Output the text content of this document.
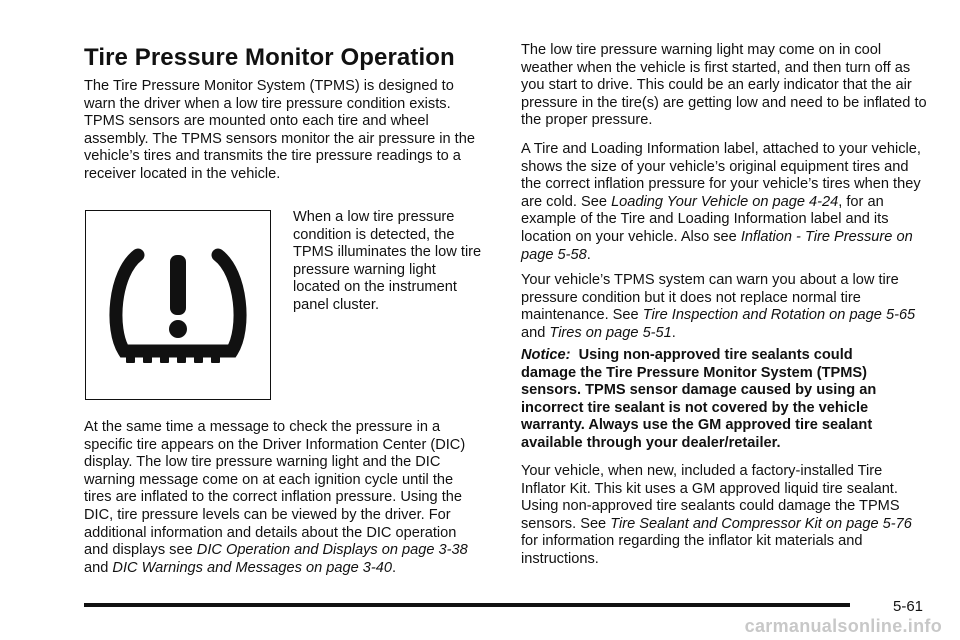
Tire Pressure Monitor Operation

The Tire Pressure Monitor System (TPMS) is designed to warn the driver when a low tire pressure condition exists. TPMS sensors are mounted onto each tire and wheel assembly. The TPMS sensors monitor the air pressure in the vehicle’s tires and transmits the tire pressure readings to a receiver located in the vehicle.

When a low tire pressure condition is detected, the TPMS illuminates the low tire pressure warning light located on the instrument panel cluster.

At the same time a message to check the pressure in a specific tire appears on the Driver Information Center (DIC) display. The low tire pressure warning light and the DIC warning message come on at each ignition cycle until the tires are inflated to the correct inflation pressure. Using the DIC, tire pressure levels can be viewed by the driver. For additional information and details about the DIC operation and displays see DIC Operation and Displays on page 3-38 and DIC Warnings and Messages on page 3-40.

The low tire pressure warning light may come on in cool weather when the vehicle is first started, and then turn off as you start to drive. This could be an early indicator that the air pressure in the tire(s) are getting low and need to be inflated to the proper pressure.

A Tire and Loading Information label, attached to your vehicle, shows the size of your vehicle’s original equipment tires and the correct inflation pressure for your vehicle’s tires when they are cold. See Loading Your Vehicle on page 4-24, for an example of the Tire and Loading Information label and its location on your vehicle. Also see Inflation - Tire Pressure on page 5-58.

Your vehicle’s TPMS system can warn you about a low tire pressure condition but it does not replace normal tire maintenance. See Tire Inspection and Rotation on page 5-65 and Tires on page 5-51.

Notice: Using non-approved tire sealants could damage the Tire Pressure Monitor System (TPMS) sensors. TPMS sensor damage caused by using an incorrect tire sealant is not covered by the vehicle warranty. Always use the GM approved tire sealant available through your dealer/retailer.

Your vehicle, when new, included a factory-installed Tire Inflator Kit. This kit uses a GM approved liquid tire sealant. Using non-approved tire sealants could damage the TPMS sensors. See Tire Sealant and Compressor Kit on page 5-76 for information regarding the inflator kit materials and instructions.

5-61
carmanualsonline.info
